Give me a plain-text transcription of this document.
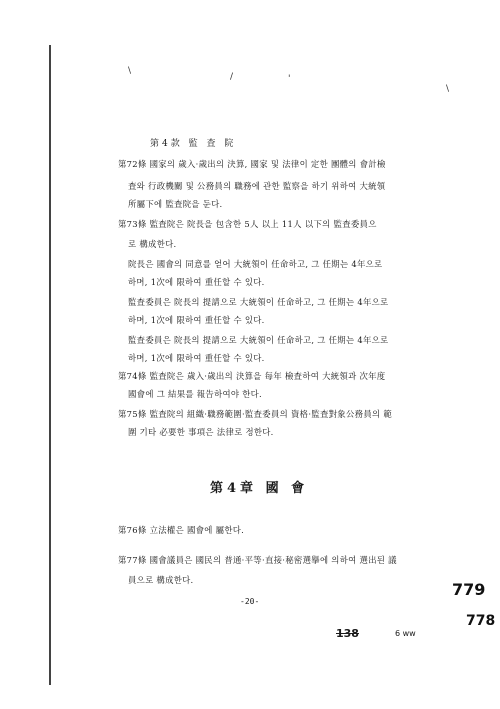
\
/	'
\
第4款 監 査 院
第72條 國家의 歲入·歲出의 決算, 國家 및 法律이 定한 團體의 會計檢
査와 行政機關 및 公務員의 職務에 관한 監察을 하기 위하여 大統領
所屬下에 監査院을 둔다.
第73條 監査院은 院長을 包含한 5人 以上 11人 以下의 監査委員으
로 構成한다.
院長은 國會의 同意를 얻어 大統領이 任命하고, 그 任期는 4年으로
하며, 1次에 限하여 重任할 수 있다.
監査委員은 院長의 提請으로 大統領이 任命하고, 그 任期는 4年으로
하며, 1次에 限하여 重任할 수 있다.
監査委員은 院長의 提請으로 大統領이 任命하고, 그 任期는 4年으로
하며, 1次에 限하여 重任할 수 있다.
第74條 監査院은 歲入·歲出의 決算을 每年 檢査하여 大統領과 次年度
國會에 그 結果를 報告하여야 한다.
第75條 監査院의 組織·職務範圍·監査委員의 資格·監査對象公務員의 範
圍 기타 必要한 事項은 法律로 정한다.
第4章 國 會
第76條 立法權은 國會에 屬한다.
第77條 國會議員은 國民의 普通·平等·直接·秘密選擧에 의하여 選出된 議
員으로 構成한다.
-20-
779
778
138	6 ww
